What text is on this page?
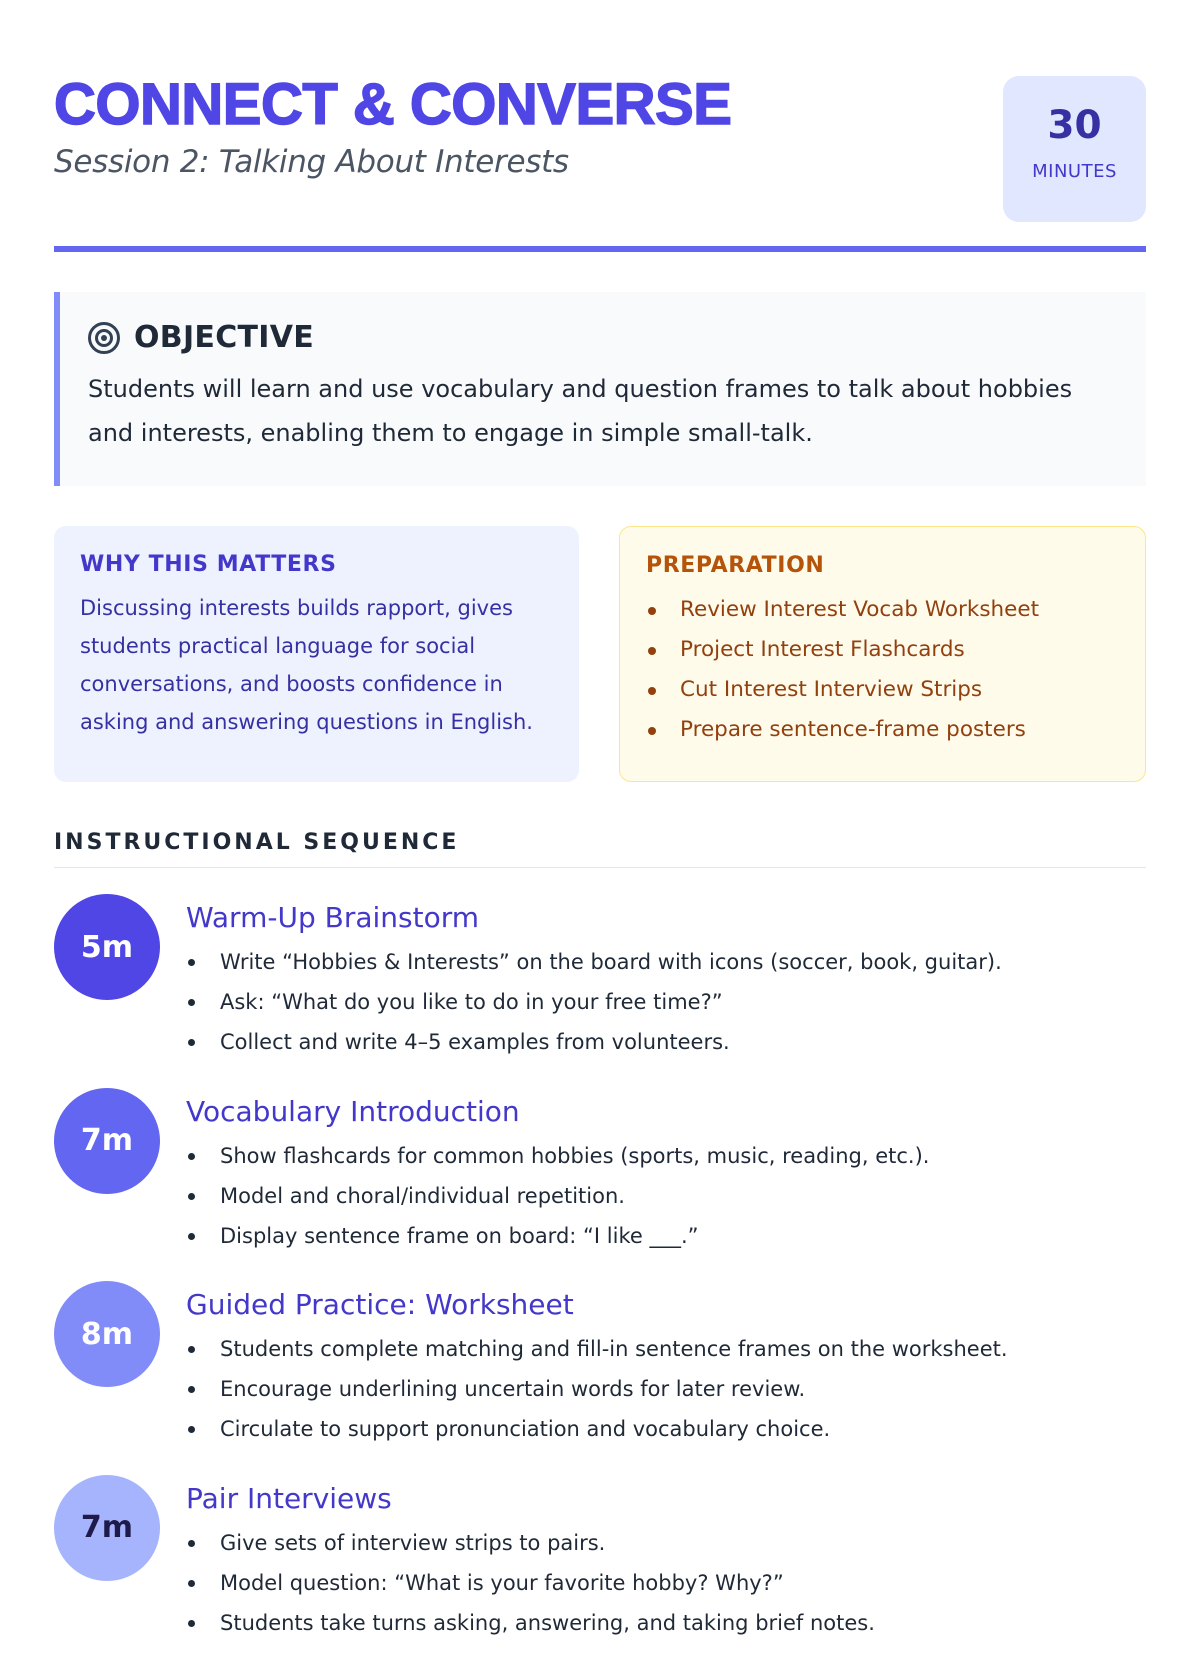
CONNECT & CONVERSE
Session 2: Talking About Interests
30
MINUTES
OBJECTIVE
Students will learn and use vocabulary and question frames to talk about hobbies and interests, enabling them to engage in simple small-talk.
WHY THIS MATTERS
Discussing interests builds rapport, gives students practical language for social conversations, and boosts confidence in asking and answering questions in English.
PREPARATION
Review Interest Vocab Worksheet
Project Interest Flashcards
Cut Interest Interview Strips
Prepare sentence-frame posters
INSTRUCTIONAL SEQUENCE
5m
Warm-Up Brainstorm
Write “Hobbies & Interests” on the board with icons (soccer, book, guitar).
Ask: “What do you like to do in your free time?”
Collect and write 4–5 examples from volunteers.
7m
Vocabulary Introduction
Show flashcards for common hobbies (sports, music, reading, etc.).
Model and choral/individual repetition.
Display sentence frame on board: “I like ___.”
8m
Guided Practice: Worksheet
Students complete matching and fill-in sentence frames on the worksheet.
Encourage underlining uncertain words for later review.
Circulate to support pronunciation and vocabulary choice.
7m
Pair Interviews
Give sets of interview strips to pairs.
Model question: “What is your favorite hobby? Why?”
Students take turns asking, answering, and taking brief notes.
